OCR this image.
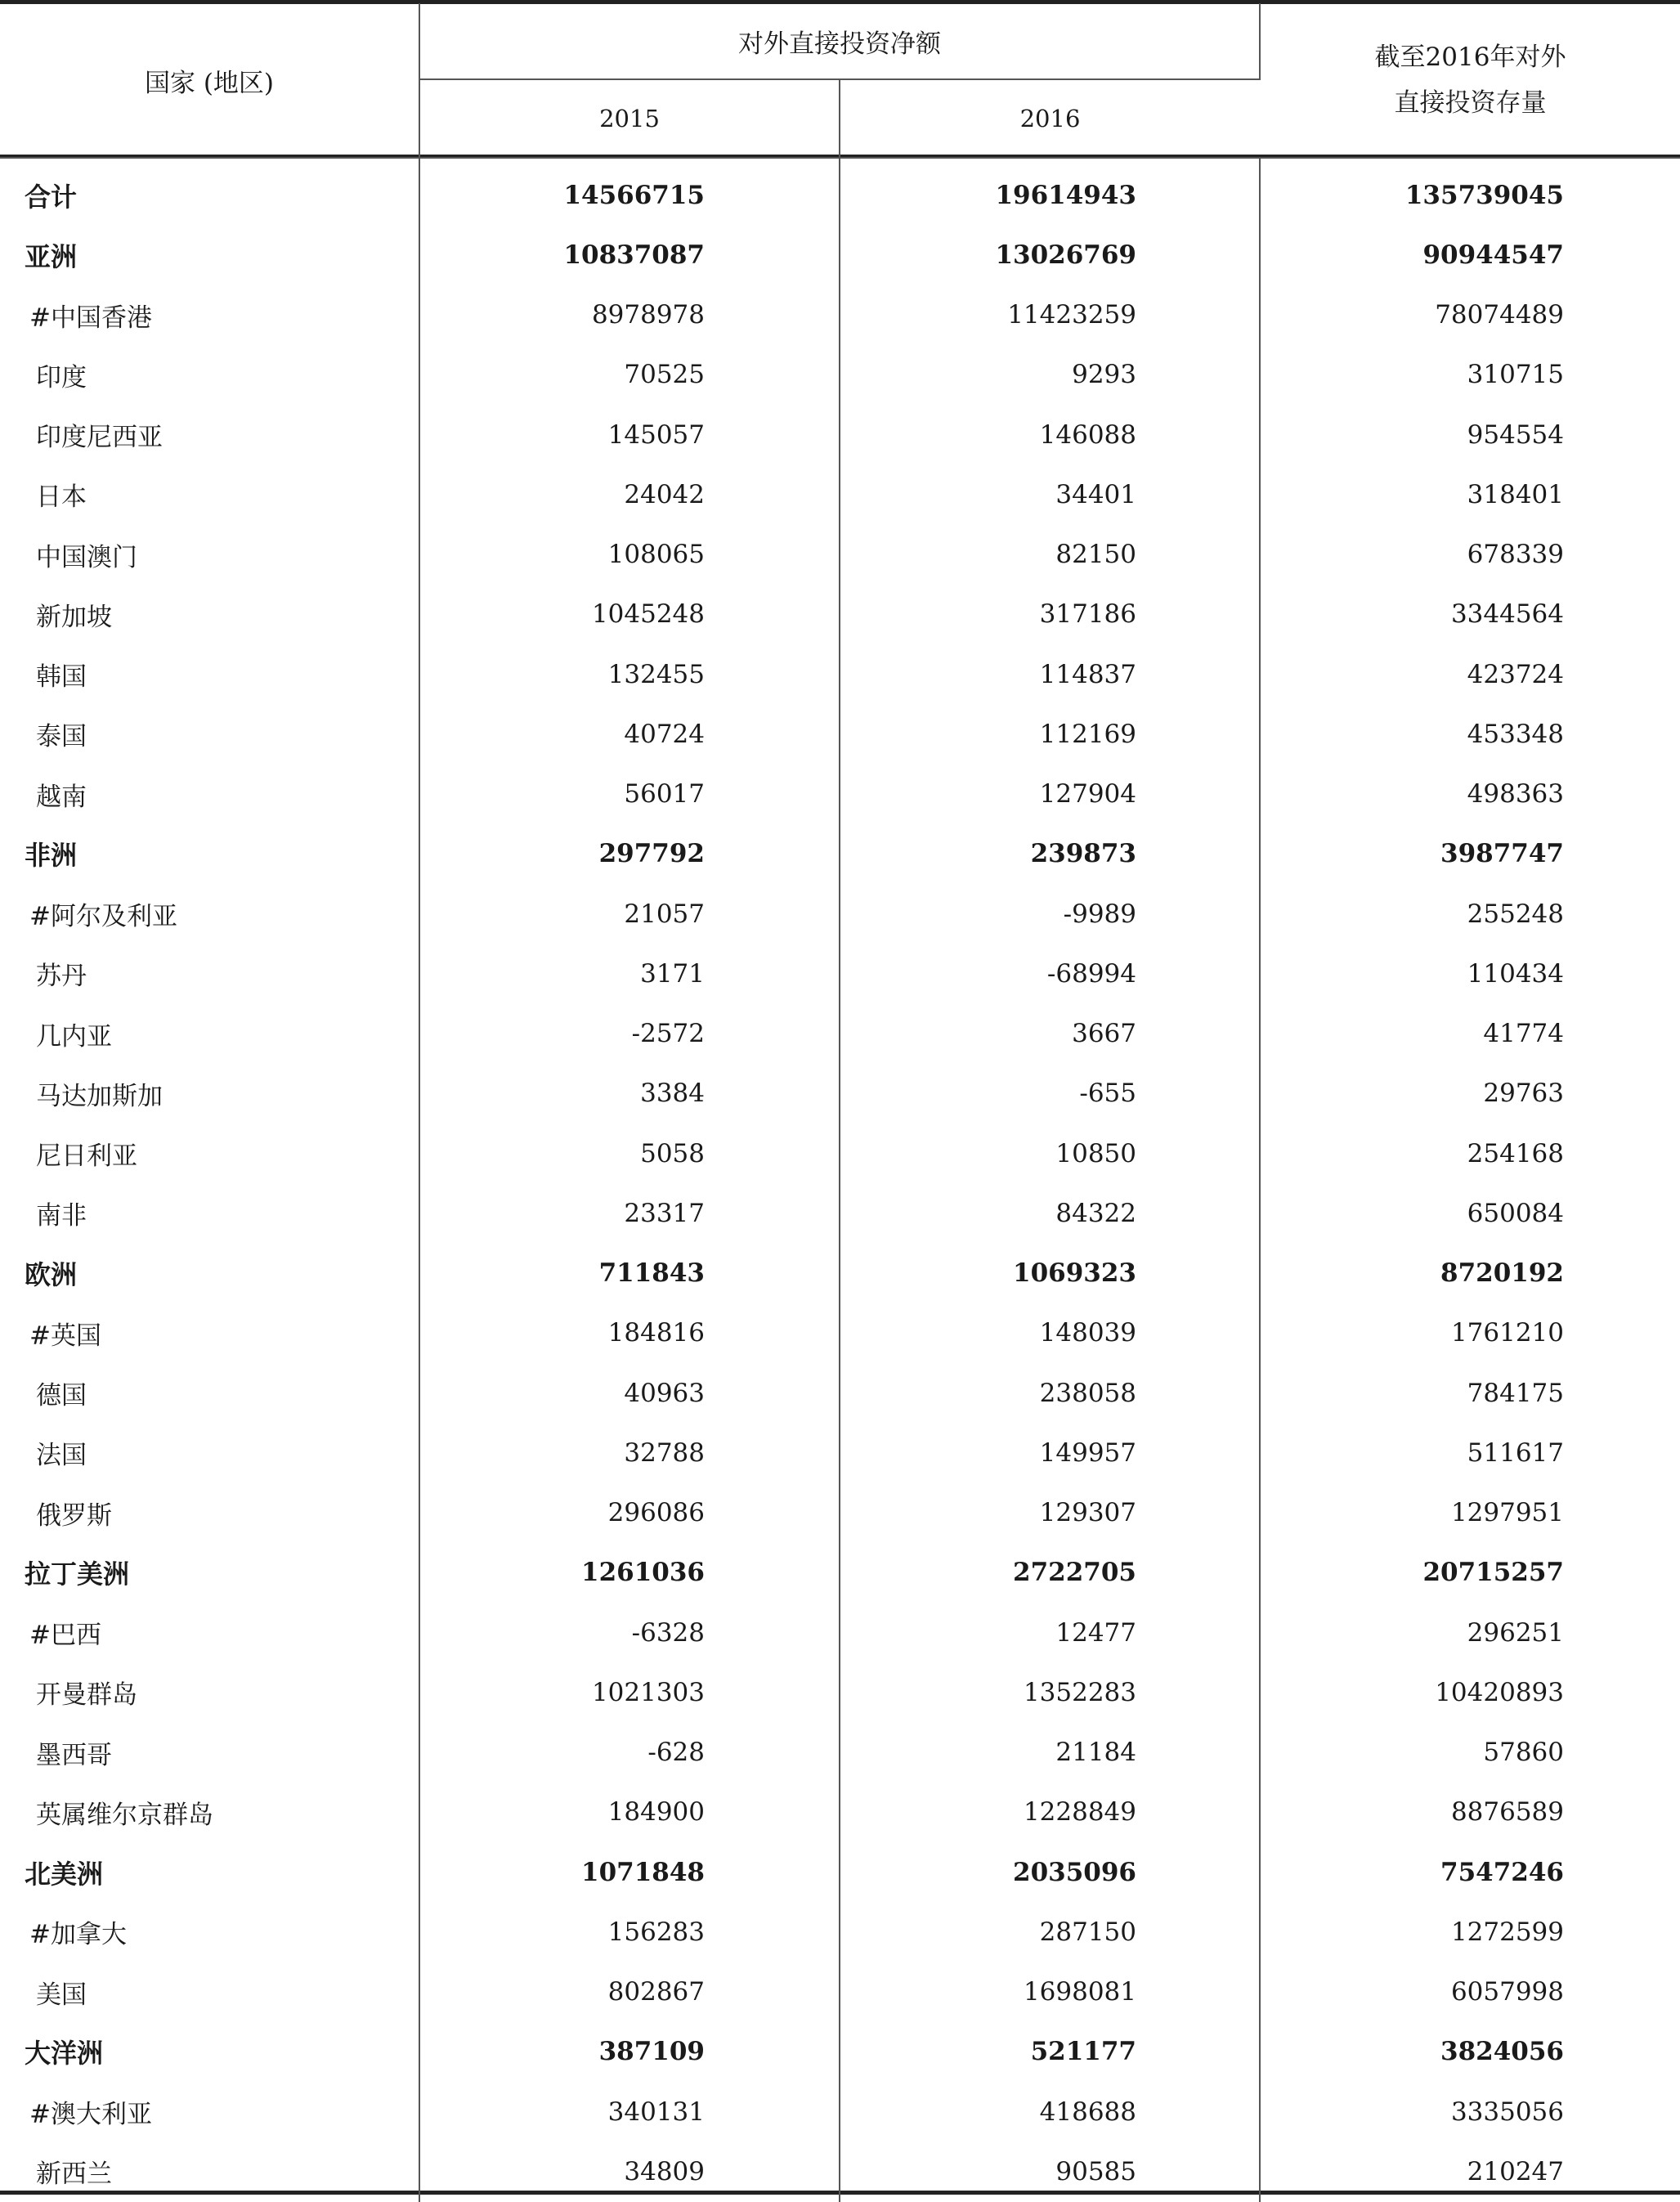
国家 (地区)	对外直接投资净额		截至2016年对外
直接投资存量
	2015	2016	
合计	14566715	19614943	135739045
亚洲	10837087	13026769	90944547
#中国香港	8978978	11423259	78074489
印度	70525	9293	310715
印度尼西亚	145057	146088	954554
日本	24042	34401	318401
中国澳门	108065	82150	678339
新加坡	1045248	317186	3344564
韩国	132455	114837	423724
泰国	40724	112169	453348
越南	56017	127904	498363
非洲	297792	239873	3987747
#阿尔及利亚	21057	-9989	255248
苏丹	3171	-68994	110434
几内亚	-2572	3667	41774
马达加斯加	3384	-655	29763
尼日利亚	5058	10850	254168
南非	23317	84322	650084
欧洲	711843	1069323	8720192
#英国	184816	148039	1761210
德国	40963	238058	784175
法国	32788	149957	511617
俄罗斯	296086	129307	1297951
拉丁美洲	1261036	2722705	20715257
#巴西	-6328	12477	296251
开曼群岛	1021303	1352283	10420893
墨西哥	-628	21184	57860
英属维尔京群岛	184900	1228849	8876589
北美洲	1071848	2035096	7547246
#加拿大	156283	287150	1272599
美国	802867	1698081	6057998
大洋洲	387109	521177	3824056
#澳大利亚	340131	418688	3335056
新西兰	34809	90585	210247
